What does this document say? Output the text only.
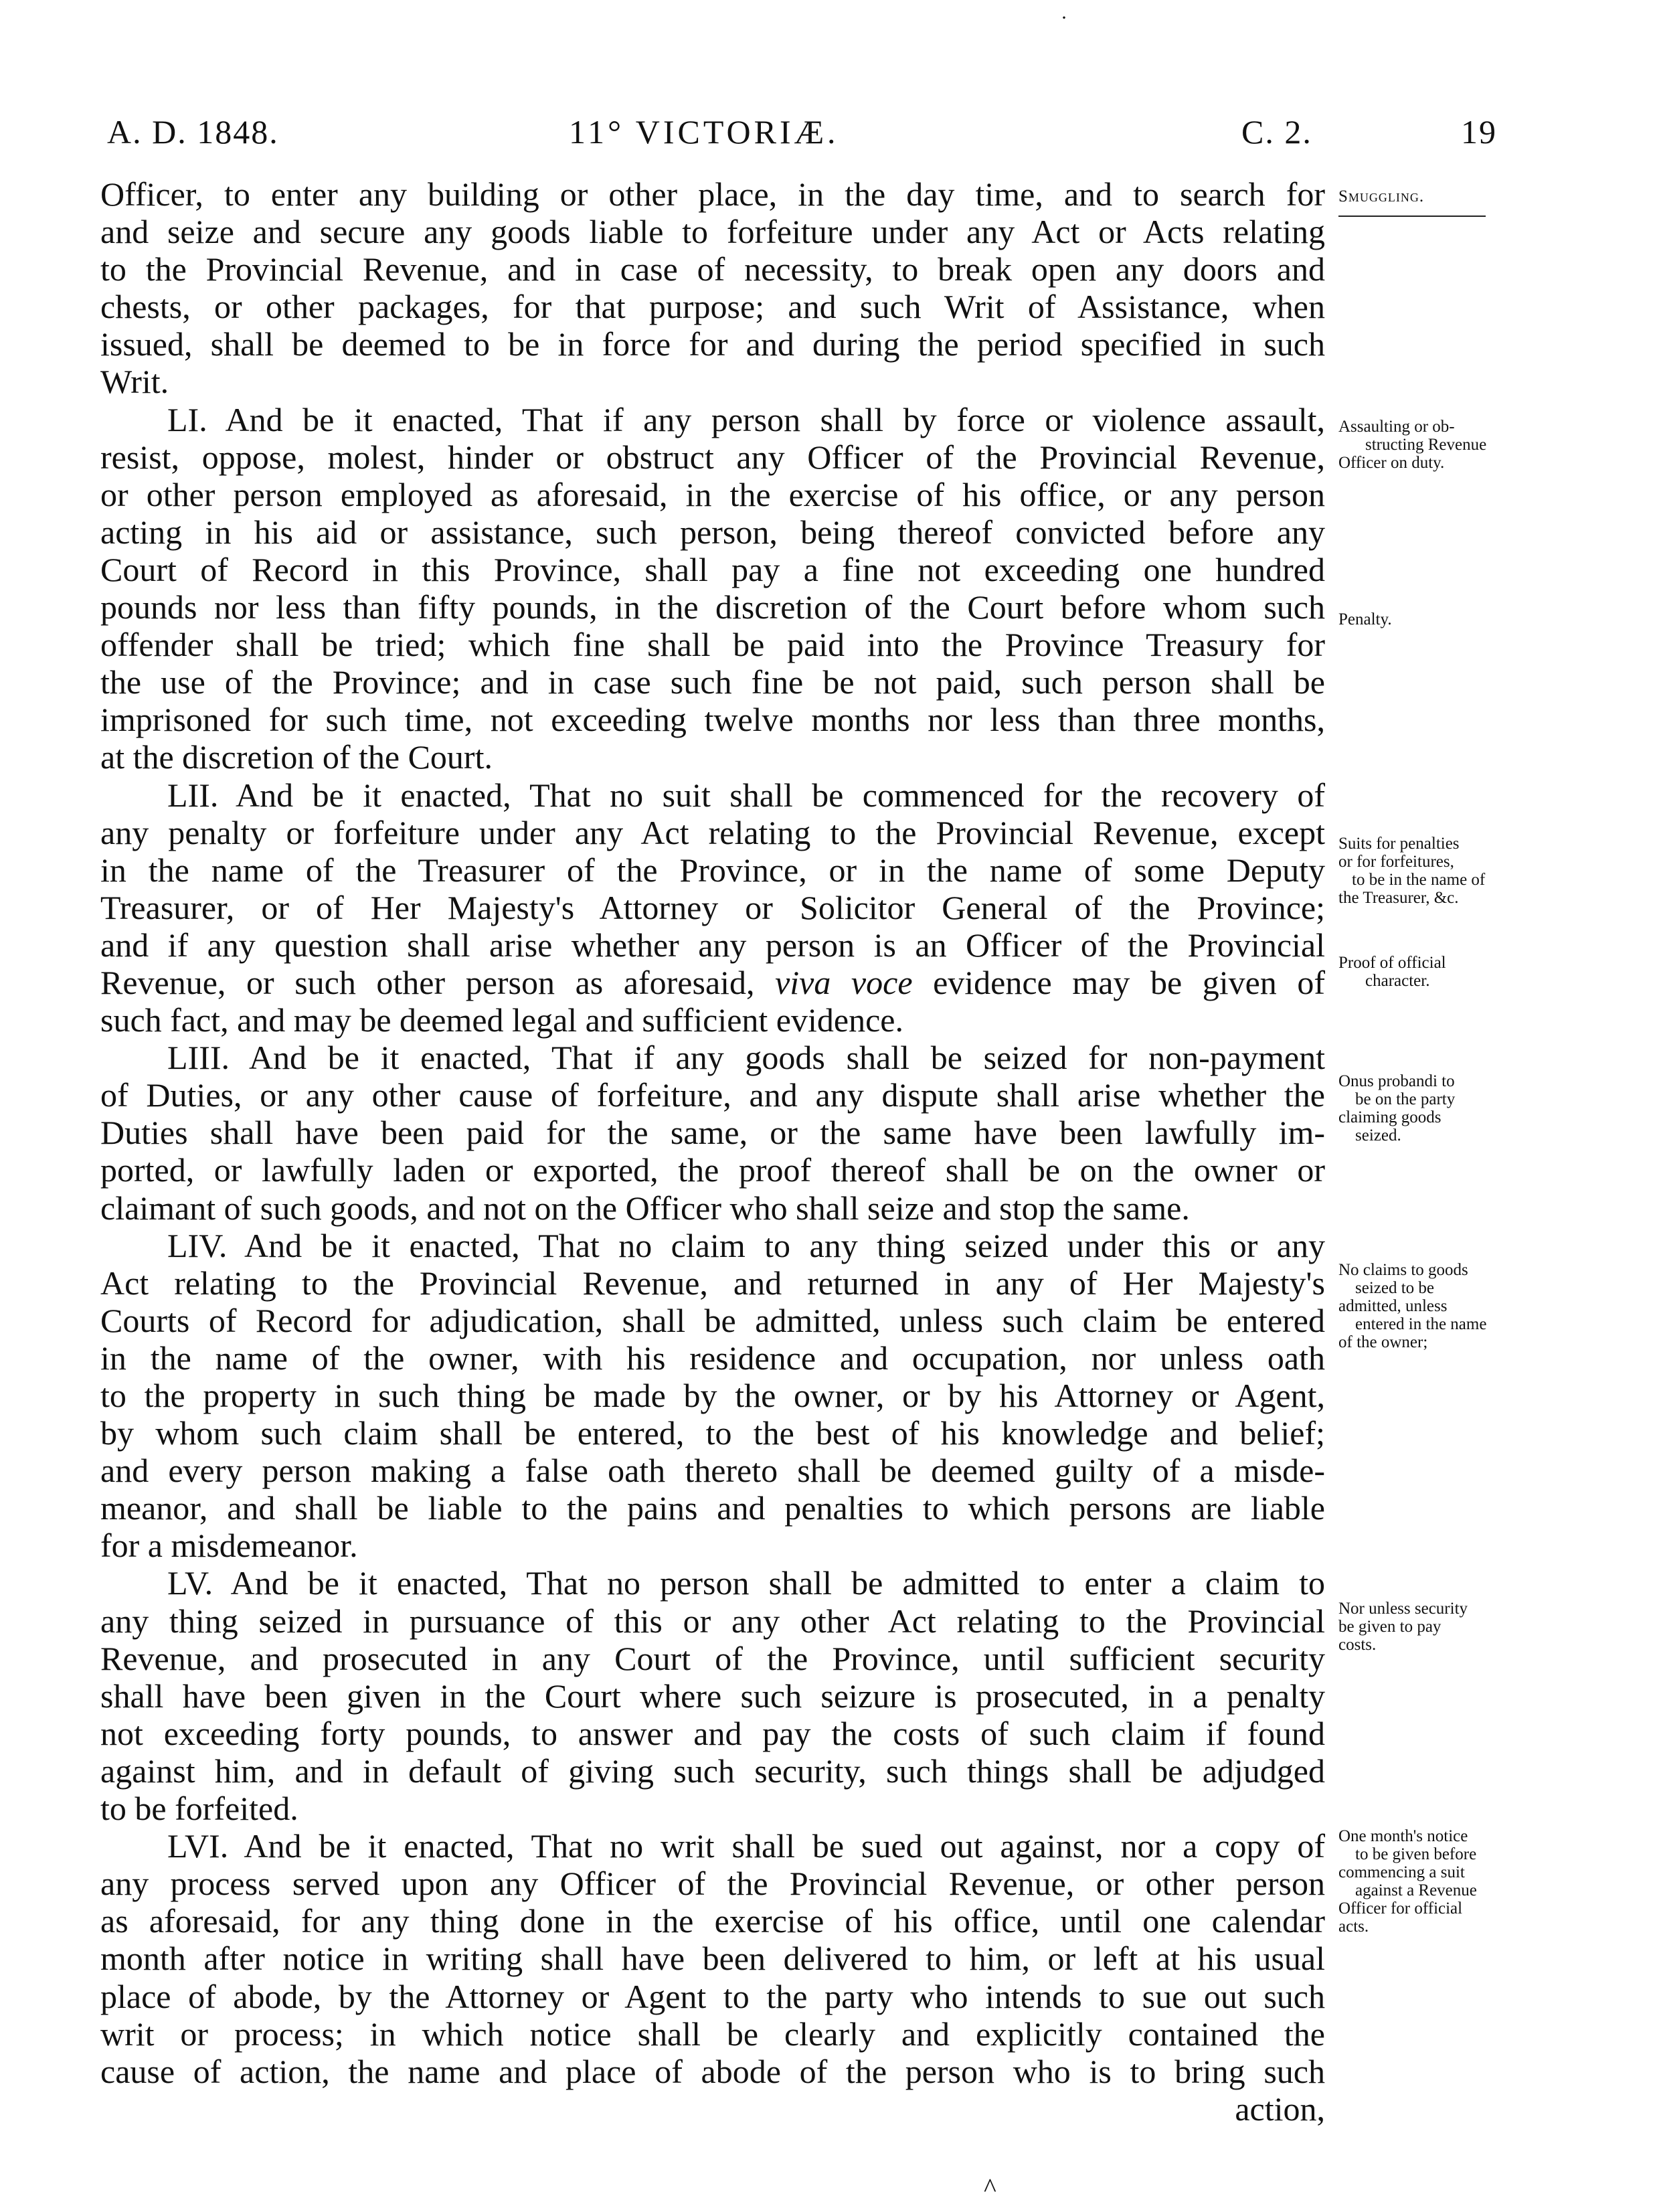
A. D. 1848.	11° VICTORIÆ.	C. 2.	19
Officer, to enter any building or other place, in the day time, and to search for
and seize and secure any goods liable to forfeiture under any Act or Acts relating
to the Provincial Revenue, and in case of necessity, to break open any doors and
chests, or other packages, for that purpose; and such Writ of Assistance, when
issued, shall be deemed to be in force for and during the period specified in such
Writ.
LI. And be it enacted, That if any person shall by force or violence assault,
resist, oppose, molest, hinder or obstruct any Officer of the Provincial Revenue,
or other person employed as aforesaid, in the exercise of his office, or any person
acting in his aid or assistance, such person, being thereof convicted before any
Court of Record in this Province, shall pay a fine not exceeding one hundred
pounds nor less than fifty pounds, in the discretion of the Court before whom such
offender shall be tried; which fine shall be paid into the Province Treasury for
the use of the Province; and in case such fine be not paid, such person shall be
imprisoned for such time, not exceeding twelve months nor less than three months,
at the discretion of the Court.
LII. And be it enacted, That no suit shall be commenced for the recovery of
any penalty or forfeiture under any Act relating to the Provincial Revenue, except
in the name of the Treasurer of the Province, or in the name of some Deputy
Treasurer, or of Her Majesty's Attorney or Solicitor General of the Province;
and if any question shall arise whether any person is an Officer of the Provincial
Revenue, or such other person as aforesaid, viva voce evidence may be given of
such fact, and may be deemed legal and sufficient evidence.
LIII. And be it enacted, That if any goods shall be seized for non-payment
of Duties, or any other cause of forfeiture, and any dispute shall arise whether the
Duties shall have been paid for the same, or the same have been lawfully im-
ported, or lawfully laden or exported, the proof thereof shall be on the owner or
claimant of such goods, and not on the Officer who shall seize and stop the same.
LIV. And be it enacted, That no claim to any thing seized under this or any
Act relating to the Provincial Revenue, and returned in any of Her Majesty's
Courts of Record for adjudication, shall be admitted, unless such claim be entered
in the name of the owner, with his residence and occupation, nor unless oath
to the property in such thing be made by the owner, or by his Attorney or Agent,
by whom such claim shall be entered, to the best of his knowledge and belief;
and every person making a false oath thereto shall be deemed guilty of a misde-
meanor, and shall be liable to the pains and penalties to which persons are liable
for a misdemeanor.
LV. And be it enacted, That no person shall be admitted to enter a claim to
any thing seized in pursuance of this or any other Act relating to the Provincial
Revenue, and prosecuted in any Court of the Province, until sufficient security
shall have been given in the Court where such seizure is prosecuted, in a penalty
not exceeding forty pounds, to answer and pay the costs of such claim if found
against him, and in default of giving such security, such things shall be adjudged
to be forfeited.
LVI. And be it enacted, That no writ shall be sued out against, nor a copy of
any process served upon any Officer of the Provincial Revenue, or other person
as aforesaid, for any thing done in the exercise of his office, until one calendar
month after notice in writing shall have been delivered to him, or left at his usual
place of abode, by the Attorney or Agent to the party who intends to sue out such
writ or process; in which notice shall be clearly and explicitly contained the
cause of action, the name and place of abode of the person who is to bring such
action,
Smuggling.
Assaulting or ob-
structing Revenue
Officer on duty.
Penalty.
Suits for penalties
or for forfeitures,
to be in the name of
the Treasurer, &c.
Proof of official
character.
Onus probandi to
be on the party
claiming goods
seized.
No claims to goods
seized to be
admitted, unless
entered in the name
of the owner;
Nor unless security
be given to pay
costs.
One month's notice
to be given before
commencing a suit
against a Revenue
Officer for official
acts.
·
^
